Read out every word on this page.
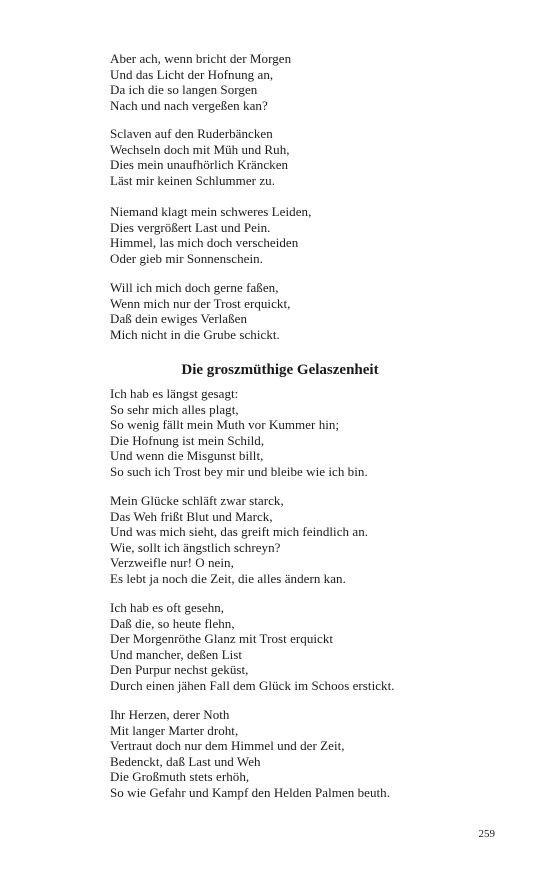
Aber ach, wenn bricht der Morgen
Und das Licht der Hofnung an,
Da ich die so langen Sorgen
Nach und nach vergeßen kan?

Sclaven auf den Ruderbäncken
Wechseln doch mit Müh und Ruh,
Dies mein unaufhörlich Kräncken
Läst mir keinen Schlummer zu.

Niemand klagt mein schweres Leiden,
Dies vergrößert Last und Pein.
Himmel, las mich doch verscheiden
Oder gieb mir Sonnenschein.

Will ich mich doch gerne faßen,
Wenn mich nur der Trost erquickt,
Daß dein ewiges Verlaßen
Mich nicht in die Grube schickt.

Die groszmüthige Gelaszenheit

Ich hab es längst gesagt:
So sehr mich alles plagt,
So wenig fällt mein Muth vor Kummer hin;
Die Hofnung ist mein Schild,
Und wenn die Misgunst billt,
So such ich Trost bey mir und bleibe wie ich bin.

Mein Glücke schläft zwar starck,
Das Weh frißt Blut und Marck,
Und was mich sieht, das greift mich feindlich an.
Wie, sollt ich ängstlich schreyn?
Verzweifle nur! O nein,
Es lebt ja noch die Zeit, die alles ändern kan.

Ich hab es oft gesehn,
Daß die, so heute flehn,
Der Morgenröthe Glanz mit Trost erquickt
Und mancher, deßen List
Den Purpur nechst geküst,
Durch einen jähen Fall dem Glück im Schoos erstickt.

Ihr Herzen, derer Noth
Mit langer Marter droht,
Vertraut doch nur dem Himmel und der Zeit,
Bedenckt, daß Last und Weh
Die Großmuth stets erhöh,
So wie Gefahr und Kampf den Helden Palmen beuth.

259
